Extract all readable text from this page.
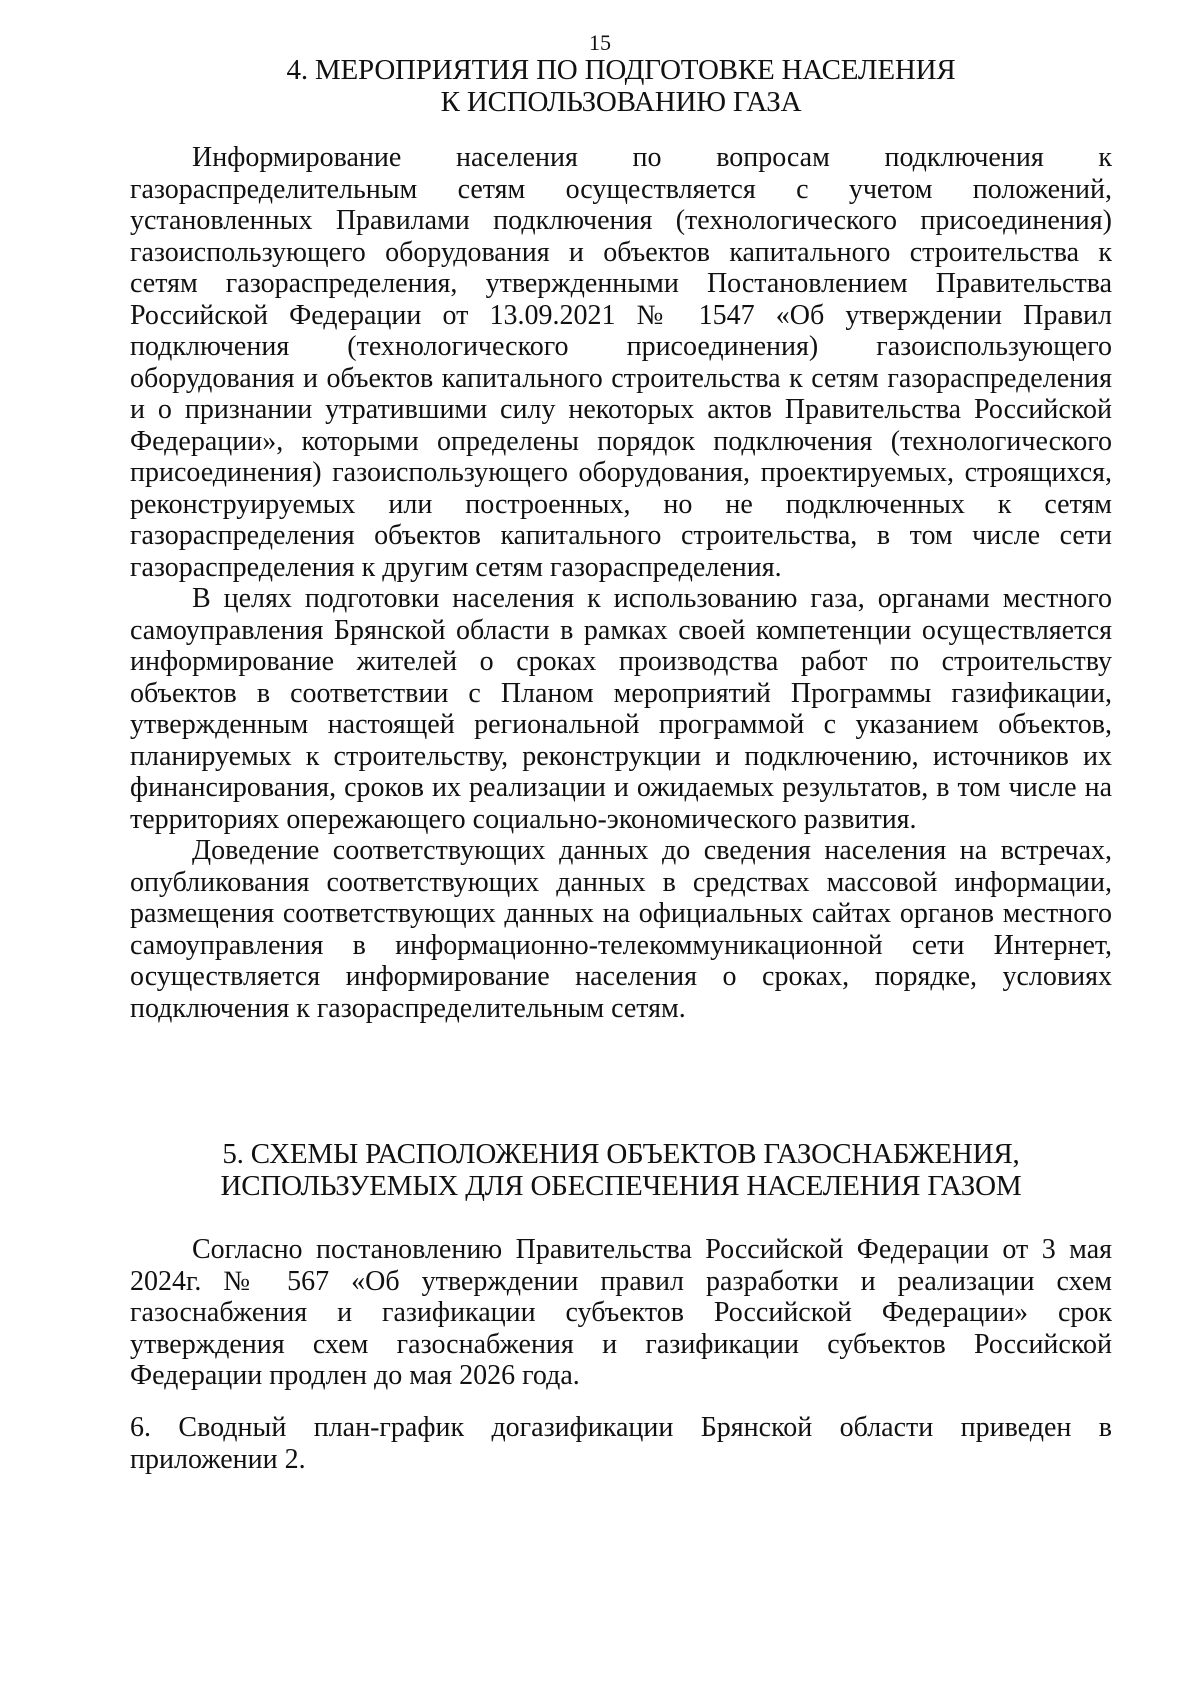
15
4. МЕРОПРИЯТИЯ ПО ПОДГОТОВКЕ НАСЕЛЕНИЯ
К ИСПОЛЬЗОВАНИЮ ГАЗА

Информирование населения по вопросам подключения к газораспределительным сетям осуществляется с учетом положений, установленных Правилами подключения (технологического присоединения) газоиспользующего оборудования и объектов капитального строительства к сетям газораспределения, утвержденными Постановлением Правительства Российской Федерации от 13.09.2021 № 1547 «Об утверждении Правил подключения (технологического присоединения) газоиспользующего оборудования и объектов капитального строительства к сетям газораспределения и о признании утратившими силу некоторых актов Правительства Российской Федерации», которыми определены порядок подключения (технологического присоединения) газоиспользующего оборудования, проектируемых, строящихся, реконструируемых или построенных, но не подключенных к сетям газораспределения объектов капитального строительства, в том числе сети газораспределения к другим сетям газораспределения.

В целях подготовки населения к использованию газа, органами местного самоуправления Брянской области в рамках своей компетенции осуществляется информирование жителей о сроках производства работ по строительству объектов в соответствии с Планом мероприятий Программы газификации, утвержденным настоящей региональной программой с указанием объектов, планируемых к строительству, реконструкции и подключению, источников их финансирования, сроков их реализации и ожидаемых результатов, в том числе на территориях опережающего социально-экономического развития.

Доведение соответствующих данных до сведения населения на встречах, опубликования соответствующих данных в средствах массовой информации, размещения соответствующих данных на официальных сайтах органов местного самоуправления в информационно-телекоммуникационной сети Интернет, осуществляется информирование населения о сроках, порядке, условиях подключения к газораспределительным сетям.

5. СХЕМЫ РАСПОЛОЖЕНИЯ ОБЪЕКТОВ ГАЗОСНАБЖЕНИЯ,
ИСПОЛЬЗУЕМЫХ ДЛЯ ОБЕСПЕЧЕНИЯ НАСЕЛЕНИЯ ГАЗОМ

Согласно постановлению Правительства Российской Федерации от 3 мая 2024г. № 567 «Об утверждении правил разработки и реализации схем газоснабжения и газификации субъектов Российской Федерации» срок утверждения схем газоснабжения и газификации субъектов Российской Федерации продлен до мая 2026 года.

6. Сводный план-график догазификации Брянской области приведен в приложении 2.
